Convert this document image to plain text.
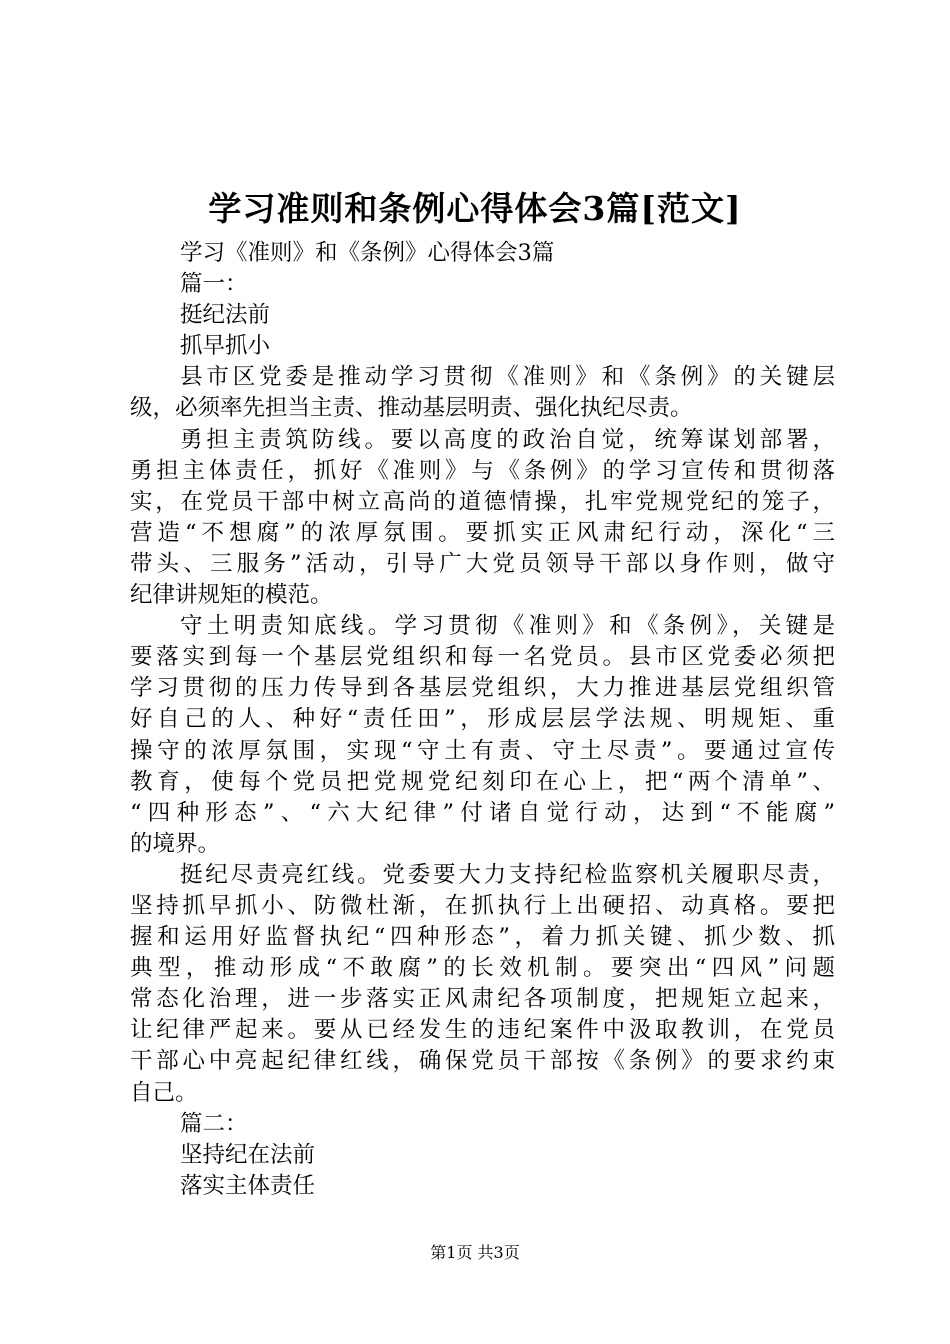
学习准则和条例心得体会3篇[范文]
学习《准则》和《条例》心得体会3篇
篇一：
挺纪法前
抓早抓小
县市区党委是推动学习贯彻《准则》和《条例》的关键层
级，必须率先担当主责、推动基层明责、强化执纪尽责。
勇担主责筑防线。要以高度的政治自觉，统筹谋划部署，
勇担主体责任，抓好《准则》与《条例》的学习宣传和贯彻落
实，在党员干部中树立高尚的道德情操，扎牢党规党纪的笼子，
营造“不想腐”的浓厚氛围。要抓实正风肃纪行动，深化“三
带头、三服务”活动，引导广大党员领导干部以身作则，做守
纪律讲规矩的模范。
守土明责知底线。学习贯彻《准则》和《条例》，关键是
要落实到每一个基层党组织和每一名党员。县市区党委必须把
学习贯彻的压力传导到各基层党组织，大力推进基层党组织管
好自己的人、种好“责任田”，形成层层学法规、明规矩、重
操守的浓厚氛围，实现“守土有责、守土尽责”。要通过宣传
教育，使每个党员把党规党纪刻印在心上，把“两个清单”、
“四种形态”、“六大纪律”付诸自觉行动，达到“不能腐”
的境界。
挺纪尽责亮红线。党委要大力支持纪检监察机关履职尽责，
坚持抓早抓小、防微杜渐，在抓执行上出硬招、动真格。要把
握和运用好监督执纪“四种形态”，着力抓关键、抓少数、抓
典型，推动形成“不敢腐”的长效机制。要突出“四风”问题
常态化治理，进一步落实正风肃纪各项制度，把规矩立起来，
让纪律严起来。要从已经发生的违纪案件中汲取教训，在党员
干部心中亮起纪律红线，确保党员干部按《条例》的要求约束
自己。
篇二：
坚持纪在法前
落实主体责任
第1页 共3页
